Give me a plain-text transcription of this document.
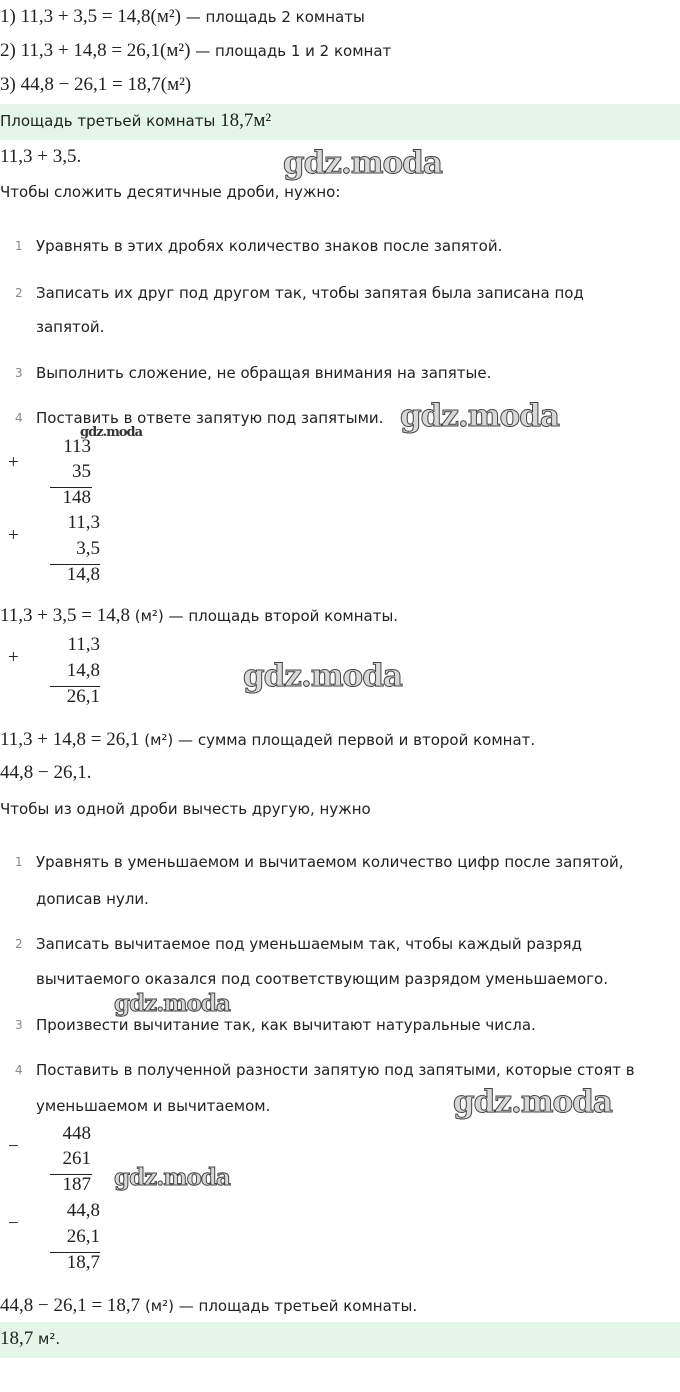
1) 11,3 + 3,5 = 14,8(м²) — площадь 2 комнаты
2) 11,3 + 14,8 = 26,1(м²) — площадь 1 и 2 комнат
3) 44,8 − 26,1 = 18,7(м²)
Площадь третьей комнаты 18,7м²
11,3 + 3,5.	gdz.moda
Чтобы сложить десятичные дроби, нужно:
1 Уравнять в этих дробях количество знаков после запятой.
2 Записать их друг под другом так, чтобы запятая была записана под
запятой.
3 Выполнить сложение, не обращая внимания на запятые.
4 Поставить в ответе запятую под запятыми. gdz.moda
+
113
35
148
gdz.moda
+
11,3
3,5
14,8
11,3 + 3,5 = 14,8 (м²) — площадь второй комнаты.
+
11,3
14,8
26,1
gdz.moda
11,3 + 14,8 = 26,1 (м²) — сумма площадей первой и второй комнат.
44,8 − 26,1.
Чтобы из одной дроби вычесть другую, нужно
1 Уравнять в уменьшаемом и вычитаемом количество цифр после запятой,
дописав нули.
2 Записать вычитаемое под уменьшаемым так, чтобы каждый разряд
вычитаемого оказался под соответствующим разрядом уменьшаемого.
gdz.moda
3 Произвести вычитание так, как вычитают натуральные числа.
4 Поставить в полученной разности запятую под запятыми, которые стоят в
уменьшаемом и вычитаемом.	gdz.moda
−
448
261
187 gdz.moda
−
44,8
26,1
18,7
44,8 − 26,1 = 18,7 (м²) — площадь третьей комнаты.
18,7 м².
